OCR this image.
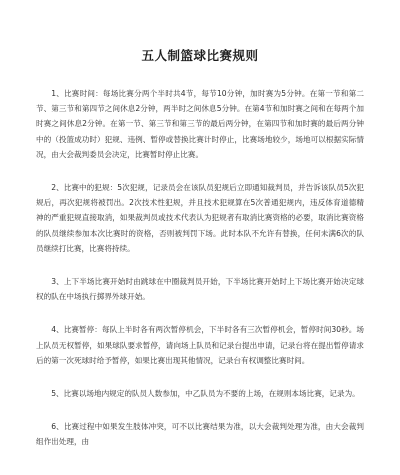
五人制篮球比赛规则

1、比赛时间：每场比赛分两个半时共4节，每节10分钟，加时赛为5分钟。在第一节和第二节、第三节和第四节之间休息2分钟，两半时之间休息5分钟。在第4节和加时赛之间和在每两个加时赛之间休息2分钟。在第一节、第三节和第三节的最后两分钟，在第四节和加时赛的最后两分钟中的（投篮成功时）犯规、违例、暂停或替换比赛计时停止，比赛场地较少，场地可以根据实际情况，由大会裁判委员会决定，比赛暂时停止比赛。

2、比赛中的犯规：5次犯规，记录员会在该队员犯规后立即通知裁判员，并告诉该队员5次犯规后，再次犯规将被罚出。2次技术性犯规，并且技术犯规算在5次普通犯规内，违反体育道德精神的严重犯规直接取消，如果裁判员或技术代表认为犯规者有取消比赛资格的必要，取消比赛资格的队员继续参加本次比赛时的资格，否则被判罚下场。此时本队不允许有替换，任何未满6次的队员继续打比赛，比赛将持续。

3、上下半场比赛开始时由跳球在中圈裁判员开始，下半场比赛开始时上下场比赛开始决定球权的队在中场执行掷界外球开始。

4、比赛暂停：每队上半时各有两次暂停机会，下半时各有三次暂停机会，暂停时间30秒。场上队员无权暂停，如果球队要求暂停，请向场上队员和记录台提出申请，记录台将在提出暂停请求后的第一次死球时给予暂停，如果比赛出现其他情况，记录台有权调整比赛时间。

5、比赛以场地内规定的队员人数参加，中乙队员为不要的上场，在规则本场比赛，记录为。

6、比赛过程中如果发生肢体冲突，可不以比赛结果为准，以大会裁判处理为准，由大会裁判组作出处理，由
